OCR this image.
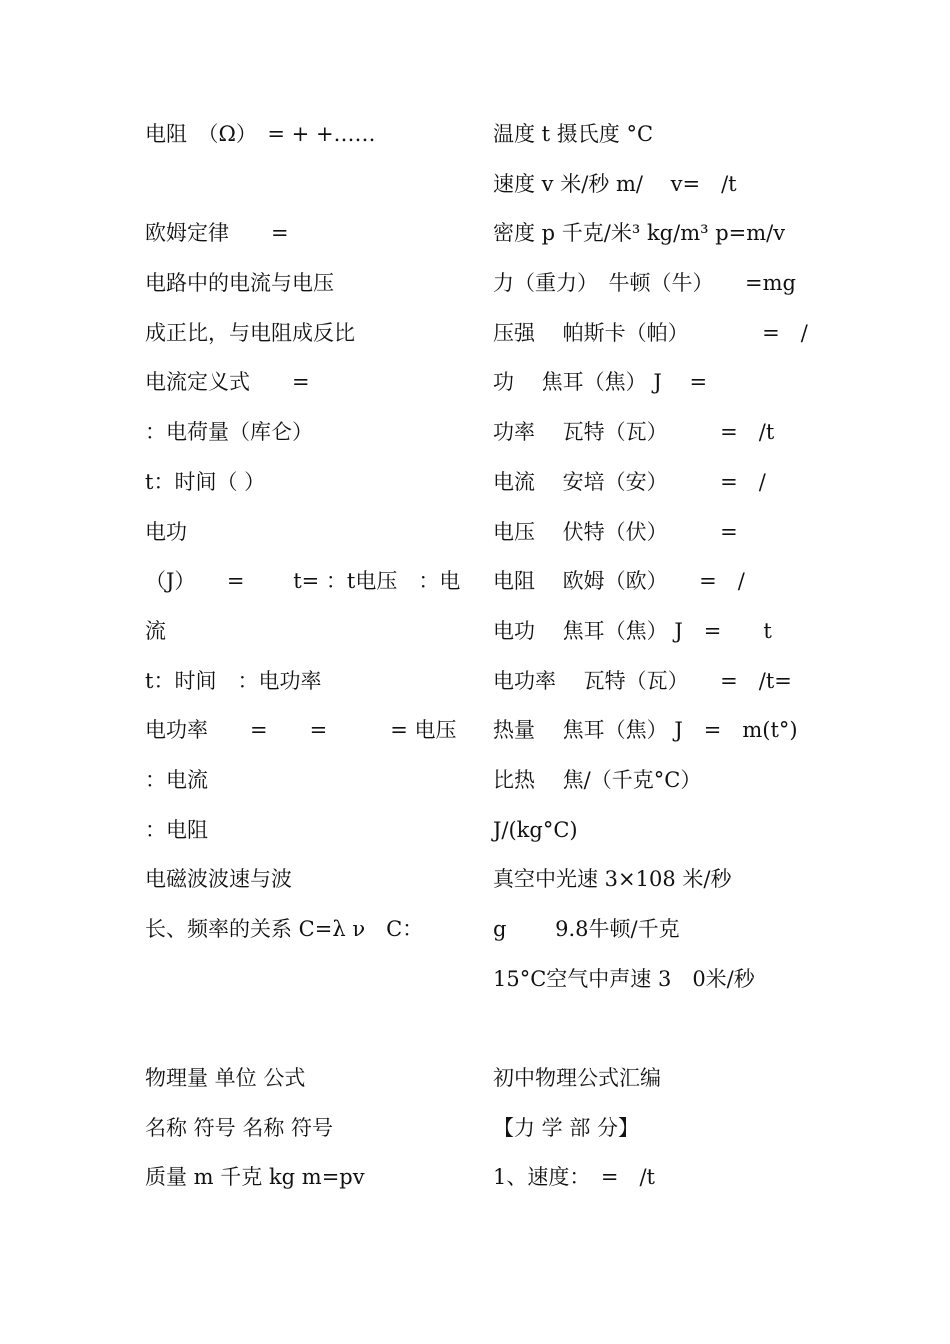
电阻　（Ω）　= + +……
欧姆定律　　=
电路中的电流与电压
成正比，与电阻成反比
电流定义式　　=
：电荷量（库仑）
t：时间（ ）
电功
（J）　　=　　 t= ：t电压　：电
流
t：时间　：电功率
电功率　　=　　=　　　= 电压
：电流
：电阻
电磁波波速与波
长、频率的关系 C=λ ν　C：
物理量 单位 公式
名称 符号 名称 符号
质量 m 千克 kg m=pv
温度 t 摄氏度 °C
速度 v 米/秒 m/　 v=　/t
密度 p 千克/米³ kg/m³ p=m/v
力（重力）　牛顿（牛）　　=mg
压强　 帕斯卡（帕）　　　　=　/
功　 焦耳（焦） J　 =
功率　 瓦特（瓦）　　　=　/t
电流　 安培（安）　　　=　/
电压　 伏特（伏）　　　=
电阻　 欧姆（欧）　　=　/
电功　 焦耳（焦） J　=　　t
电功率　 瓦特（瓦）　　=　/t=
热量　 焦耳（焦） J　=　m(t°)
比热　 焦/（千克°C）
J/(kg°C)
真空中光速 3×108 米/秒
g　　 9.8牛顿/千克
15°C空气中声速 3　0米/秒
初中物理公式汇编
【力 学 部 分】
1、速度：　=　/t
